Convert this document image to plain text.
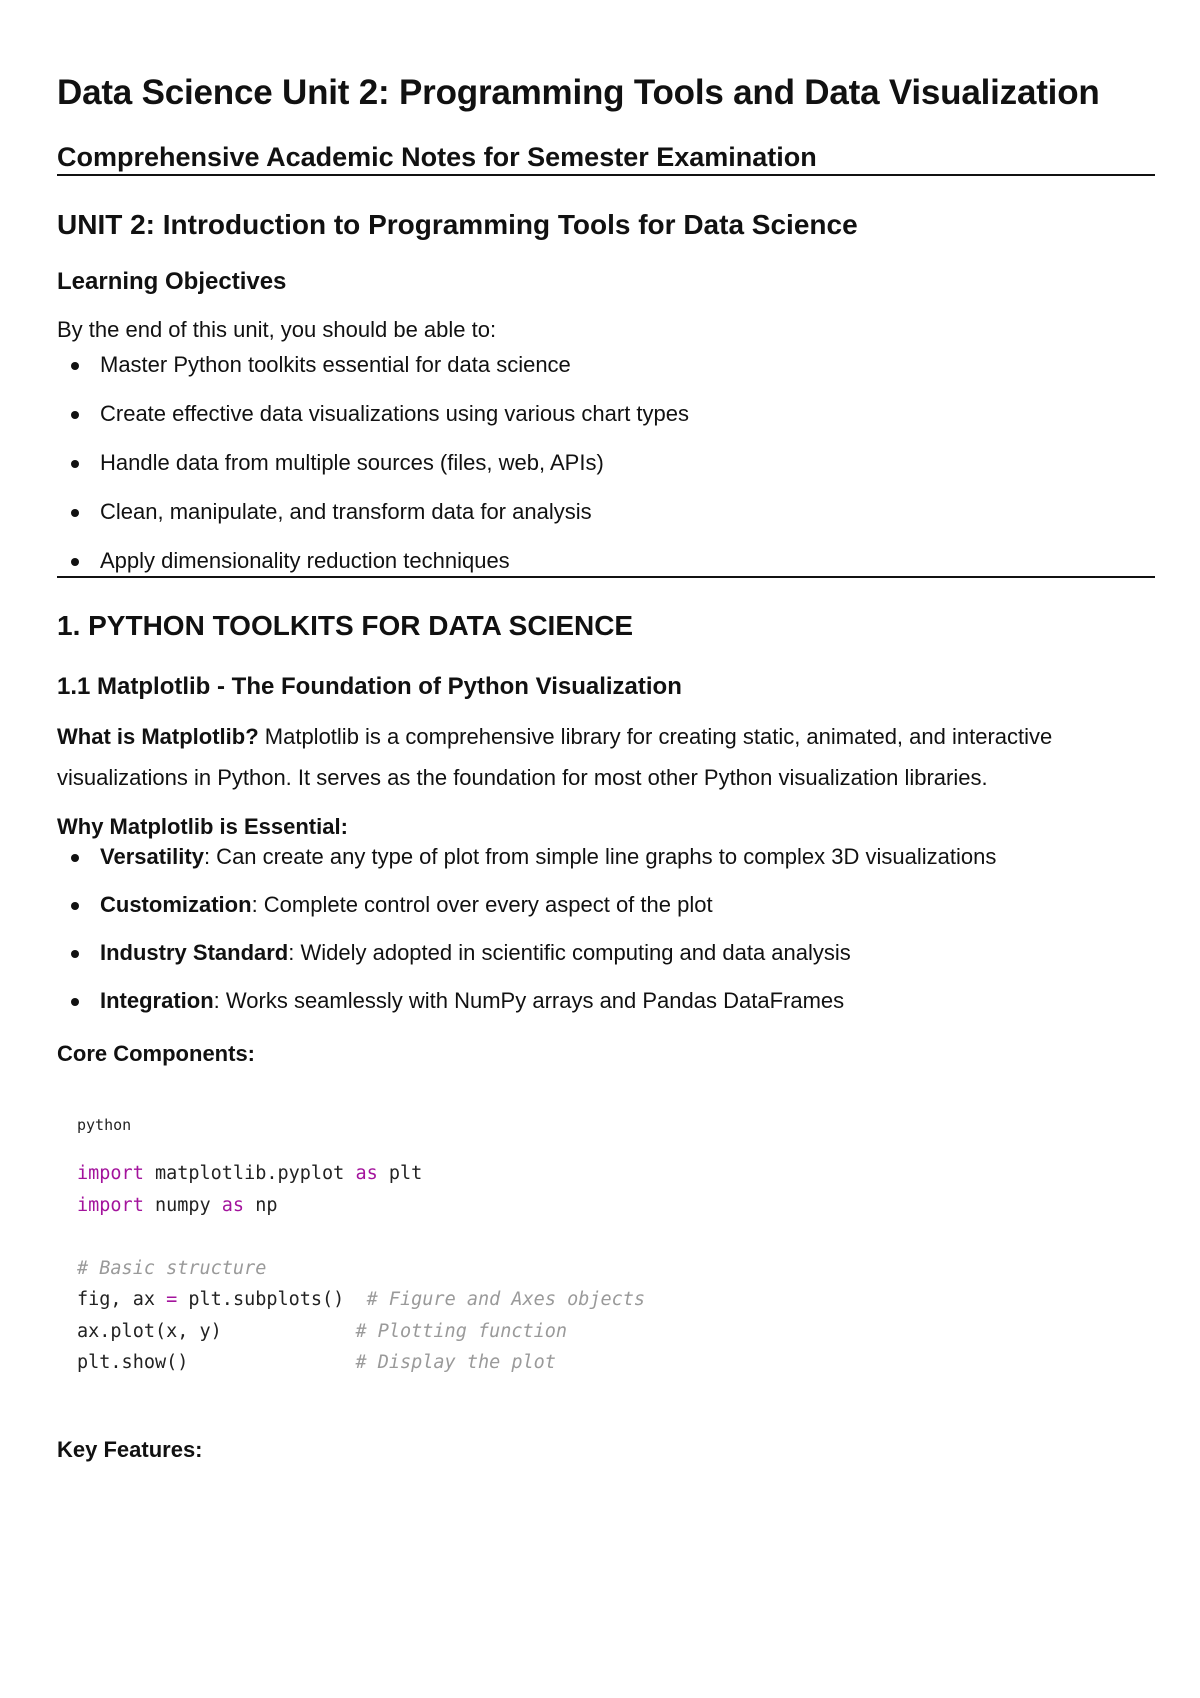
Data Science Unit 2: Programming Tools and Data Visualization
Comprehensive Academic Notes for Semester Examination
UNIT 2: Introduction to Programming Tools for Data Science
Learning Objectives

By the end of this unit, you should be able to:

Master Python toolkits essential for data science
Create effective data visualizations using various chart types
Handle data from multiple sources (files, web, APIs)
Clean, manipulate, and transform data for analysis
Apply dimensionality reduction techniques
1. PYTHON TOOLKITS FOR DATA SCIENCE
1.1 Matplotlib - The Foundation of Python Visualization

What is Matplotlib? Matplotlib is a comprehensive library for creating static, animated, and interactive visualizations in Python. It serves as the foundation for most other Python visualization libraries.

Why Matplotlib is Essential:
Versatility: Can create any type of plot from simple line graphs to complex 3D visualizations
Customization: Complete control over every aspect of the plot
Industry Standard: Widely adopted in scientific computing and data analysis
Integration: Works seamlessly with NumPy arrays and Pandas DataFrames
Core Components:
python
import matplotlib.pyplot as plt
import numpy as np

# Basic structure
fig, ax = plt.subplots()  # Figure and Axes objects
ax.plot(x, y)            # Plotting function
plt.show()               # Display the plot
Key Features:
